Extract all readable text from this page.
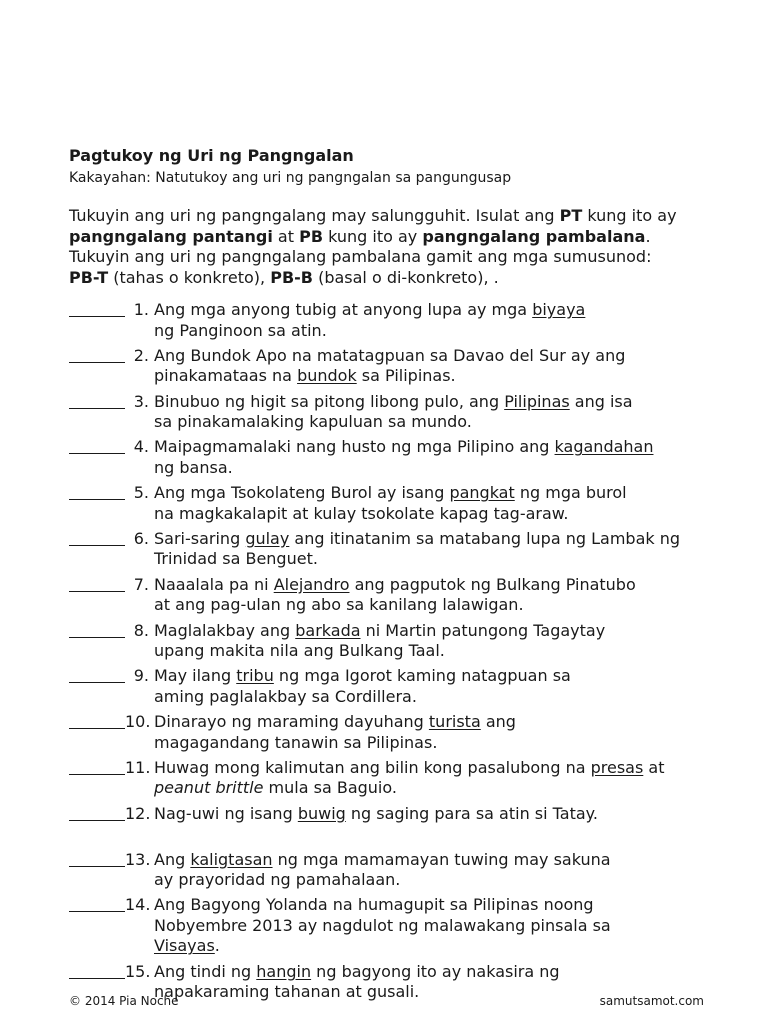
Pagtukoy ng Uri ng Pangngalan
Kakayahan: Natutukoy ang uri ng pangngalan sa pangungusap
Tukuyin ang uri ng pangngalang may salungguhit. Isulat ang PT kung ito ay
pangngalang pantangi at PB kung ito ay pangngalang pambalana.
Tukuyin ang uri ng pangngalang pambalana gamit ang mga sumusunod:
PB-T (tahas o konkreto), PB-B (basal o di-konkreto), .
1. Ang mga anyong tubig at anyong lupa ay mga biyaya
ng Panginoon sa atin.
2. Ang Bundok Apo na matatagpuan sa Davao del Sur ay ang
pinakamataas na bundok sa Pilipinas.
3. Binubuo ng higit sa pitong libong pulo, ang Pilipinas ang isa
sa pinakamalaking kapuluan sa mundo.
4. Maipagmamalaki nang husto ng mga Pilipino ang kagandahan
ng bansa.
5. Ang mga Tsokolateng Burol ay isang pangkat ng mga burol
na magkakalapit at kulay tsokolate kapag tag-araw.
6. Sari-saring gulay ang itinatanim sa matabang lupa ng Lambak ng
Trinidad sa Benguet.
7. Naaalala pa ni Alejandro ang pagputok ng Bulkang Pinatubo
at ang pag-ulan ng abo sa kanilang lalawigan.
8. Maglalakbay ang barkada ni Martin patungong Tagaytay
upang makita nila ang Bulkang Taal.
9. May ilang tribu ng mga Igorot kaming natagpuan sa
aming paglalakbay sa Cordillera.
10. Dinarayo ng maraming dayuhang turista ang
magagandang tanawin sa Pilipinas.
11. Huwag mong kalimutan ang bilin kong pasalubong na presas at
peanut brittle mula sa Baguio.
12. Nag-uwi ng isang buwig ng saging para sa atin si Tatay.
13. Ang kaligtasan ng mga mamamayan tuwing may sakuna
ay prayoridad ng pamahalaan.
14. Ang Bagyong Yolanda na humagupit sa Pilipinas noong
Nobyembre 2013 ay nagdulot ng malawakang pinsala sa
Visayas.
15. Ang tindi ng hangin ng bagyong ito ay nakasira ng
napakaraming tahanan at gusali.
© 2014 Pia Noche	samutsamot.com
